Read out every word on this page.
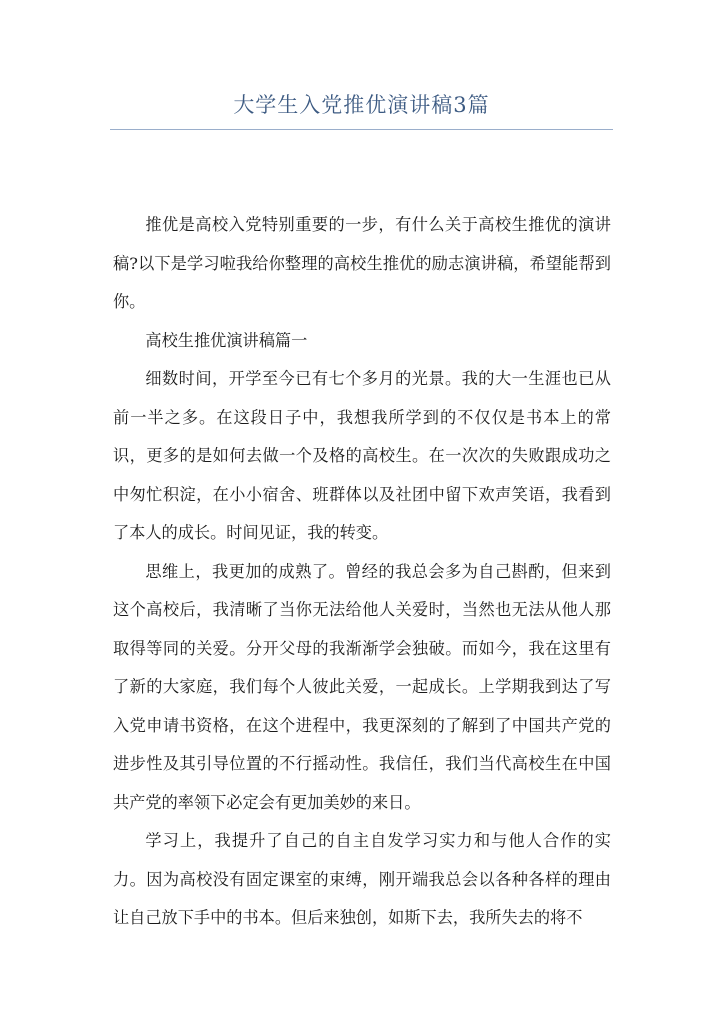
大学生入党推优演讲稿3篇

推优是高校入党特别重要的一步，有什么关于高校生推优的演讲稿?以下是学习啦我给你整理的高校生推优的励志演讲稿，希望能帮到你。

高校生推优演讲稿篇一

细数时间，开学至今已有七个多月的光景。我的大一生涯也已从前一半之多。在这段日子中，我想我所学到的不仅仅是书本上的常识，更多的是如何去做一个及格的高校生。在一次次的失败跟成功之中匆忙积淀，在小小宿舍、班群体以及社团中留下欢声笑语，我看到了本人的成长。时间见证，我的转变。

思维上，我更加的成熟了。曾经的我总会多为自己斟酌，但来到这个高校后，我清晰了当你无法给他人关爱时，当然也无法从他人那取得等同的关爱。分开父母的我渐渐学会独破。而如今，我在这里有了新的大家庭，我们每个人彼此关爱，一起成长。上学期我到达了写入党申请书资格，在这个进程中，我更深刻的了解到了中国共产党的进步性及其引导位置的不行摇动性。我信任，我们当代高校生在中国共产党的率领下必定会有更加美妙的来日。

学习上，我提升了自己的自主自发学习实力和与他人合作的实力。因为高校没有固定课室的束缚，刚开端我总会以各种各样的理由让自己放下手中的书本。但后来独创，如斯下去，我所失去的将不
